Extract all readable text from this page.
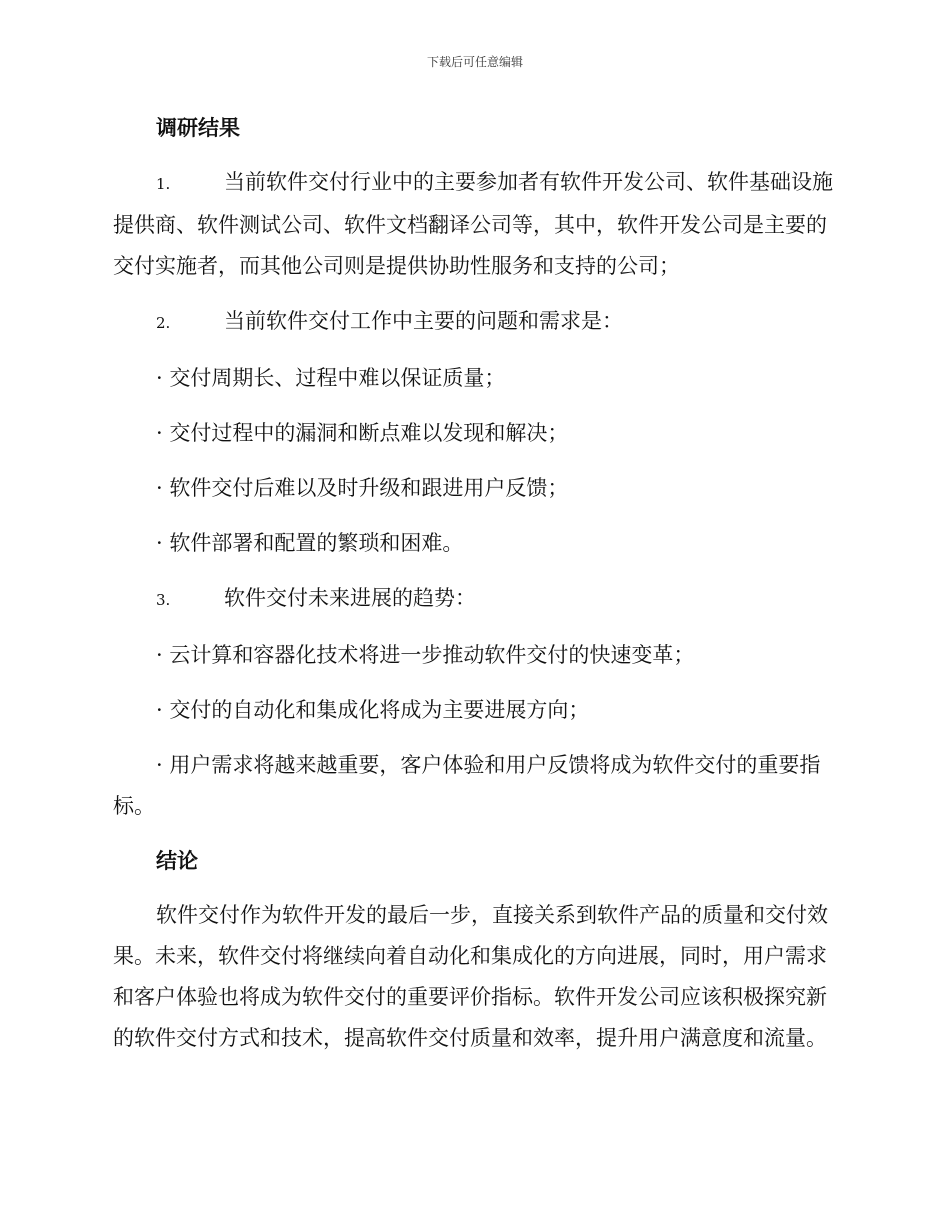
下载后可任意编辑
调研结果

1.	当前软件交付行业中的主要参加者有软件开发公司、软件基础设施提供商、软件测试公司、软件文档翻译公司等，其中，软件开发公司是主要的交付实施者，而其他公司则是提供协助性服务和支持的公司；

2.	当前软件交付工作中主要的问题和需求是：

· 交付周期长、过程中难以保证质量；

· 交付过程中的漏洞和断点难以发现和解决；

· 软件交付后难以及时升级和跟进用户反馈；

· 软件部署和配置的繁琐和困难。

3.	软件交付未来进展的趋势：

· 云计算和容器化技术将进一步推动软件交付的快速变革；

· 交付的自动化和集成化将成为主要进展方向；

· 用户需求将越来越重要，客户体验和用户反馈将成为软件交付的重要指标。

结论

软件交付作为软件开发的最后一步，直接关系到软件产品的质量和交付效果。未来，软件交付将继续向着自动化和集成化的方向进展，同时，用户需求和客户体验也将成为软件交付的重要评价指标。软件开发公司应该积极探究新的软件交付方式和技术，提高软件交付质量和效率，提升用户满意度和流量。
